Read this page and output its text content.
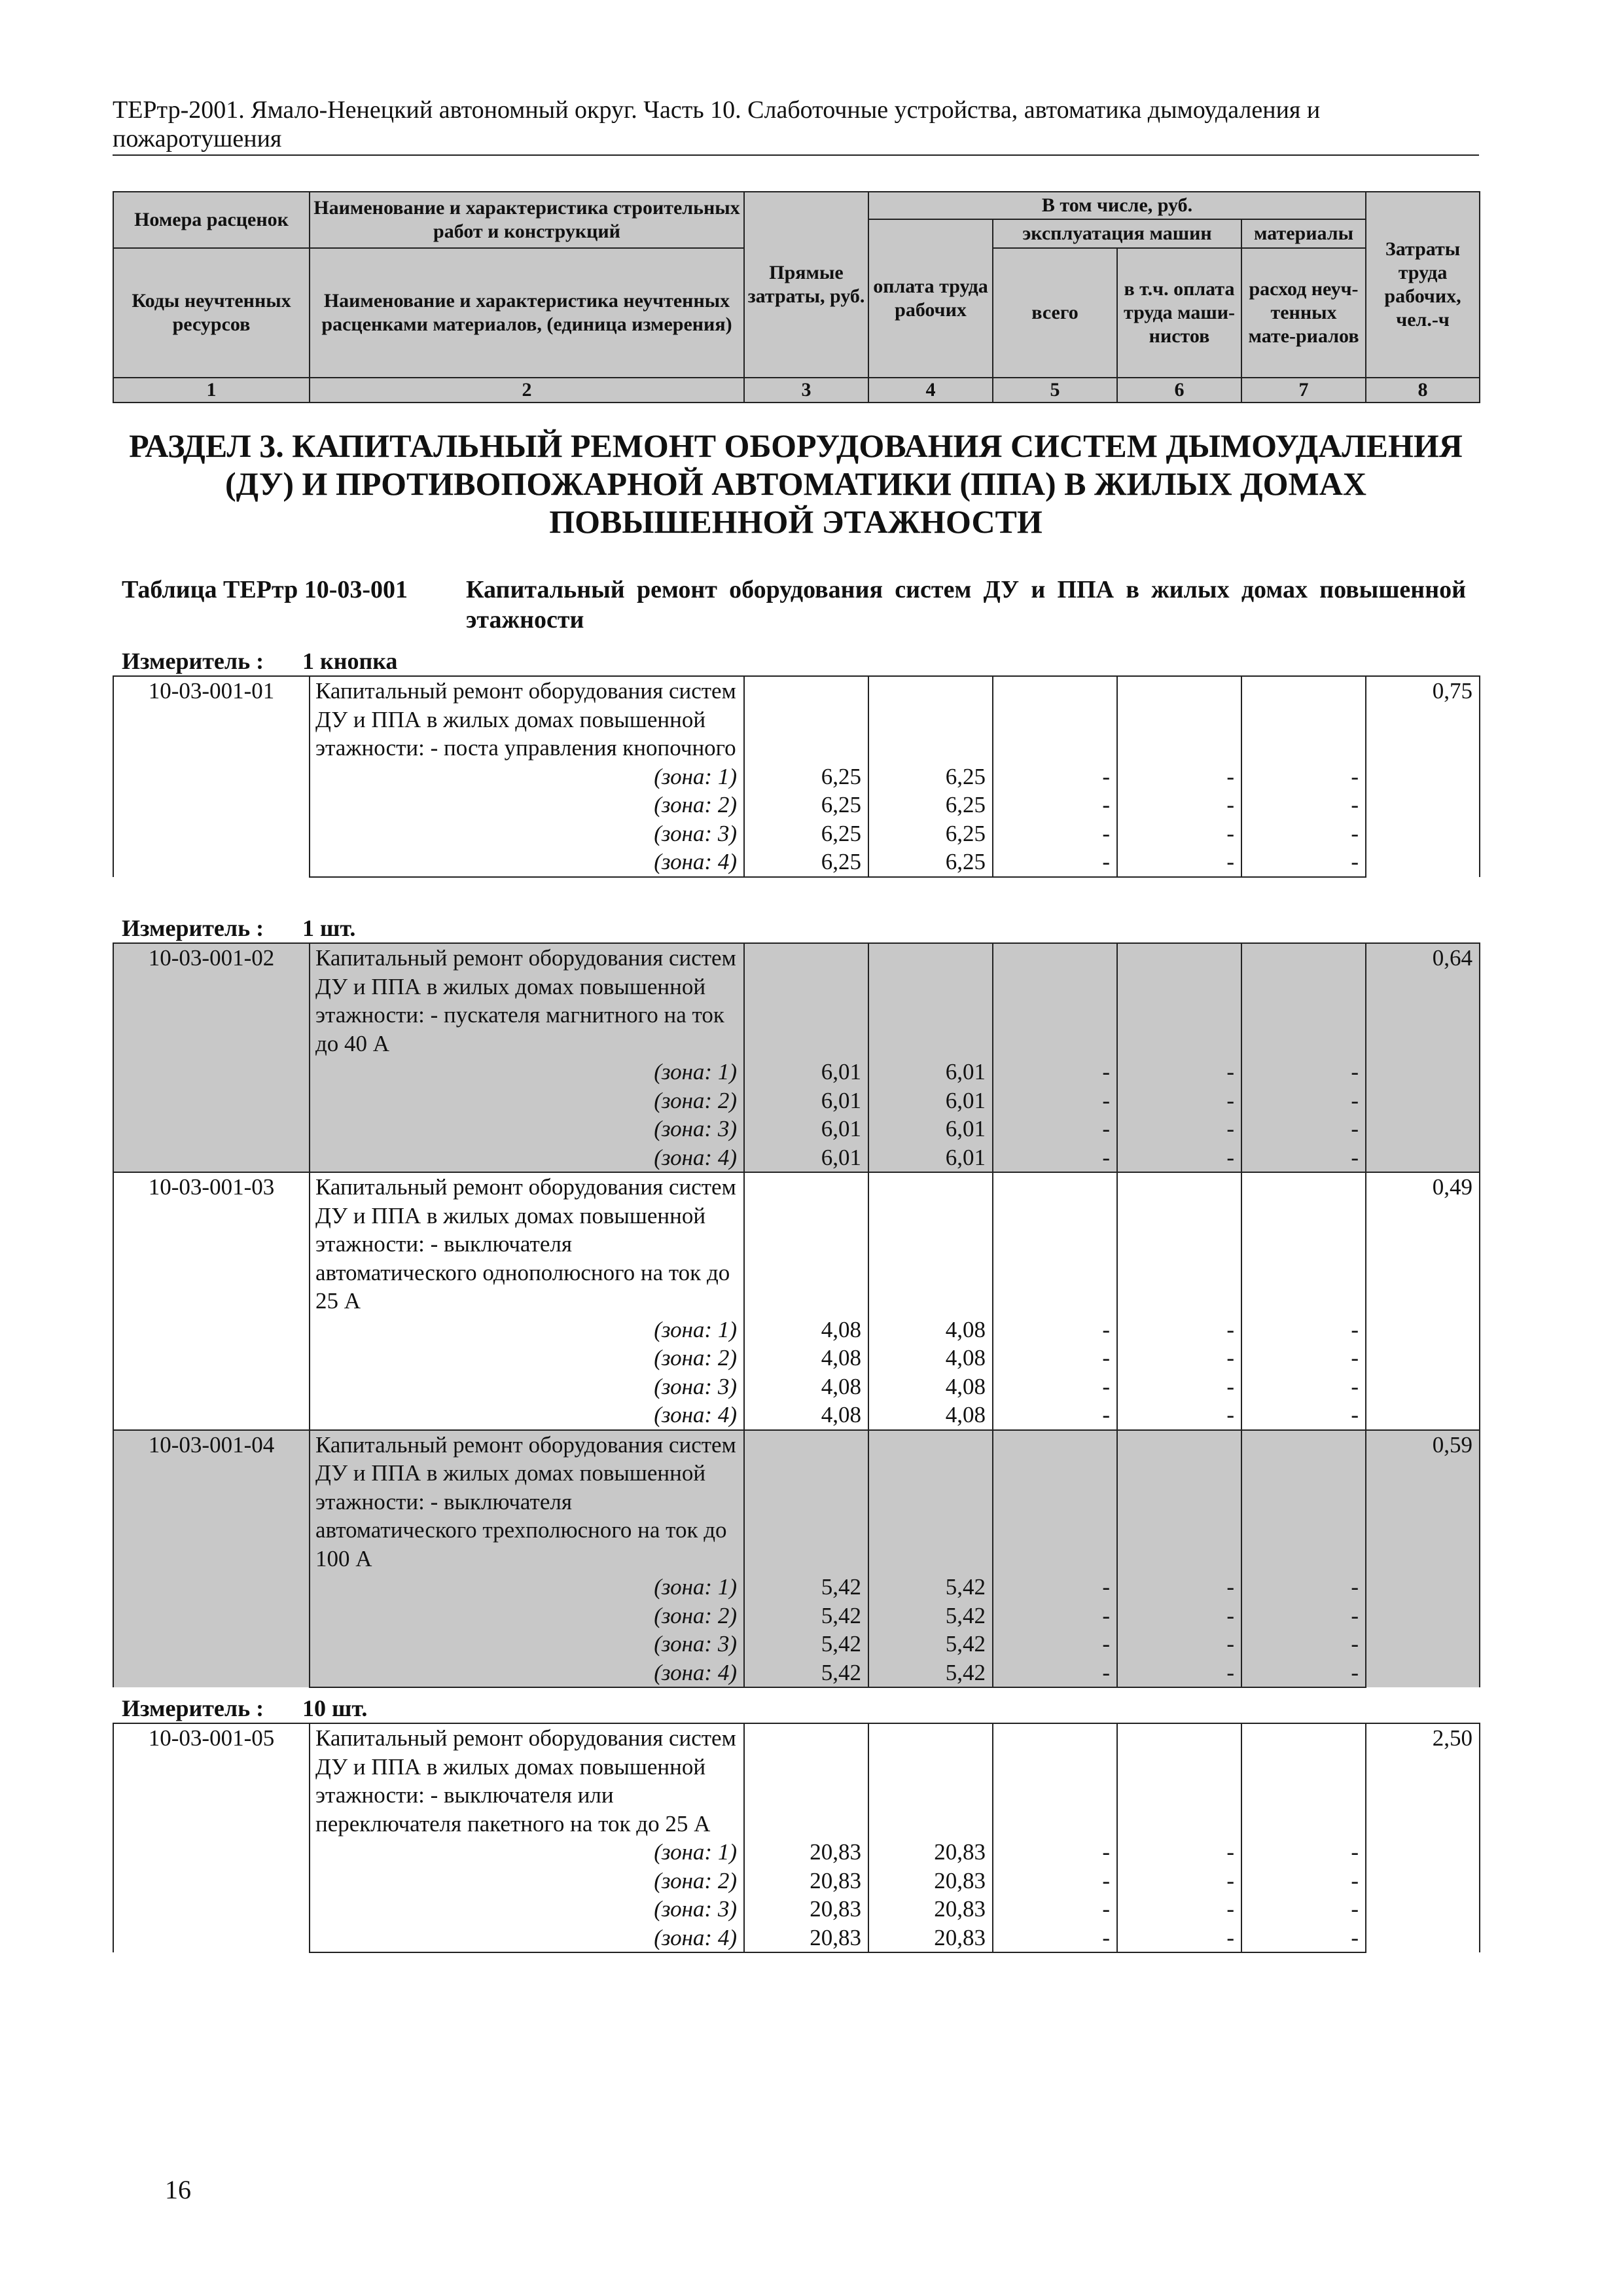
ТЕРтр-2001. Ямало-Ненецкий автономный округ. Часть 10. Слаботочные устройства, автоматика дымоудаления и пожаротушения
Номера расценок	Наименование и характеристика строительных работ и конструкций	Прямые затраты, руб.	В том числе, руб.				Затраты труда рабочих, чел.-ч
			оплата труда рабочих	эксплуатация машин		материалы	
Коды неучтенных ресурсов	Наименование и характеристика неучтенных расценками материалов, (единица измерения)			всего	в т.ч. оплата труда маши-нистов	расход неуч-тенных мате-риалов	

1	2	3	4	5	6	7	8
РАЗДЕЛ 3. КАПИТАЛЬНЫЙ РЕМОНТ ОБОРУДОВАНИЯ СИСТЕМ ДЫМОУДАЛЕНИЯ (ДУ) И ПРОТИВОПОЖАРНОЙ АВТОМАТИКИ (ППА) В ЖИЛЫХ ДОМАХ ПОВЫШЕННОЙ ЭТАЖНОСТИ
Таблица ТЕРтр 10-03-001 Капитальный ремонт оборудования систем ДУ и ППА в жилых домах повышенной этажности
Измеритель : 1 кнопка
10-03-001-01	Капитальный ремонт оборудования систем ДУ и ППА в жилых домах повышенной этажности: - поста управления кнопочного						0,75
	(зона: 1)	6,25	6,25	-	-	-	
	(зона: 2)	6,25	6,25	-	-	-	
	(зона: 3)	6,25	6,25	-	-	-	
	(зона: 4)	6,25	6,25	-	-	-	
Измеритель : 1 шт.
10-03-001-02	Капитальный ремонт оборудования систем ДУ и ППА в жилых домах повышенной этажности: - пускателя магнитного на ток до 40 А						0,64
	(зона: 1)	6,01	6,01	-	-	-	
	(зона: 2)	6,01	6,01	-	-	-	
	(зона: 3)	6,01	6,01	-	-	-	
	(зона: 4)	6,01	6,01	-	-	-	
10-03-001-03	Капитальный ремонт оборудования систем ДУ и ППА в жилых домах повышенной этажности: - выключателя автоматического однополюсного на ток до 25 А						0,49
	(зона: 1)	4,08	4,08	-	-	-	
	(зона: 2)	4,08	4,08	-	-	-	
	(зона: 3)	4,08	4,08	-	-	-	
	(зона: 4)	4,08	4,08	-	-	-	
10-03-001-04	Капитальный ремонт оборудования систем ДУ и ППА в жилых домах повышенной этажности: - выключателя автоматического трехполюсного на ток до 100 А						0,59
	(зона: 1)	5,42	5,42	-	-	-	
	(зона: 2)	5,42	5,42	-	-	-	
	(зона: 3)	5,42	5,42	-	-	-	
	(зона: 4)	5,42	5,42	-	-	-	
Измеритель : 10 шт.
10-03-001-05	Капитальный ремонт оборудования систем ДУ и ППА в жилых домах повышенной этажности: - выключателя или переключателя пакетного на ток до 25 А						2,50
	(зона: 1)	20,83	20,83	-	-	-	
	(зона: 2)	20,83	20,83	-	-	-	
	(зона: 3)	20,83	20,83	-	-	-	
	(зона: 4)	20,83	20,83	-	-	-	
16
